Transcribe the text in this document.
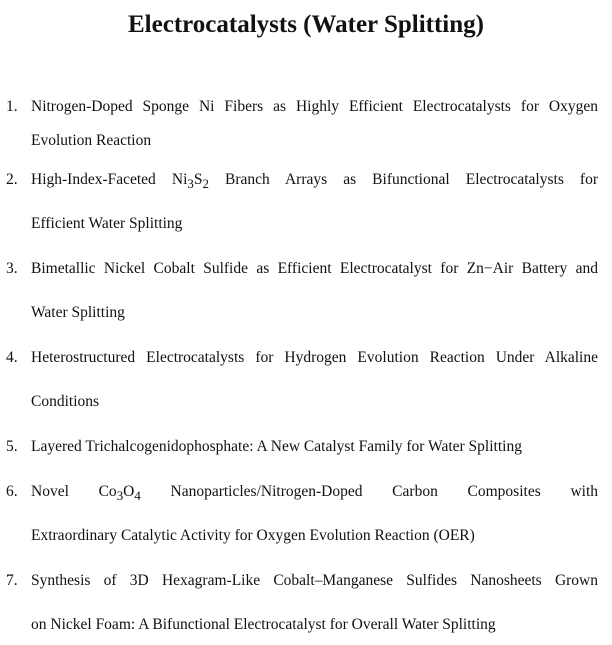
Electrocatalysts (Water Splitting)
1. Nitrogen-Doped Sponge Ni Fibers as Highly Efficient Electrocatalysts for Oxygen
Evolution Reaction
2. High-Index-Faceted $Ni_3S_2$ Branch Arrays as Bifunctional Electrocatalysts for
Efficient Water Splitting
3. Bimetallic Nickel Cobalt Sulfide as Efficient Electrocatalyst for Zn−Air Battery and
Water Splitting
4. Heterostructured Electrocatalysts for Hydrogen Evolution Reaction Under Alkaline
Conditions
5. Layered Trichalcogenidophosphate: A New Catalyst Family for Water Splitting
6. Novel $Co_3O_4$ Nanoparticles/Nitrogen-Doped Carbon Composites with
Extraordinary Catalytic Activity for Oxygen Evolution Reaction (OER)
7. Synthesis of 3D Hexagram-Like Cobalt–Manganese Sulfides Nanosheets Grown
on Nickel Foam: A Bifunctional Electrocatalyst for Overall Water Splitting
